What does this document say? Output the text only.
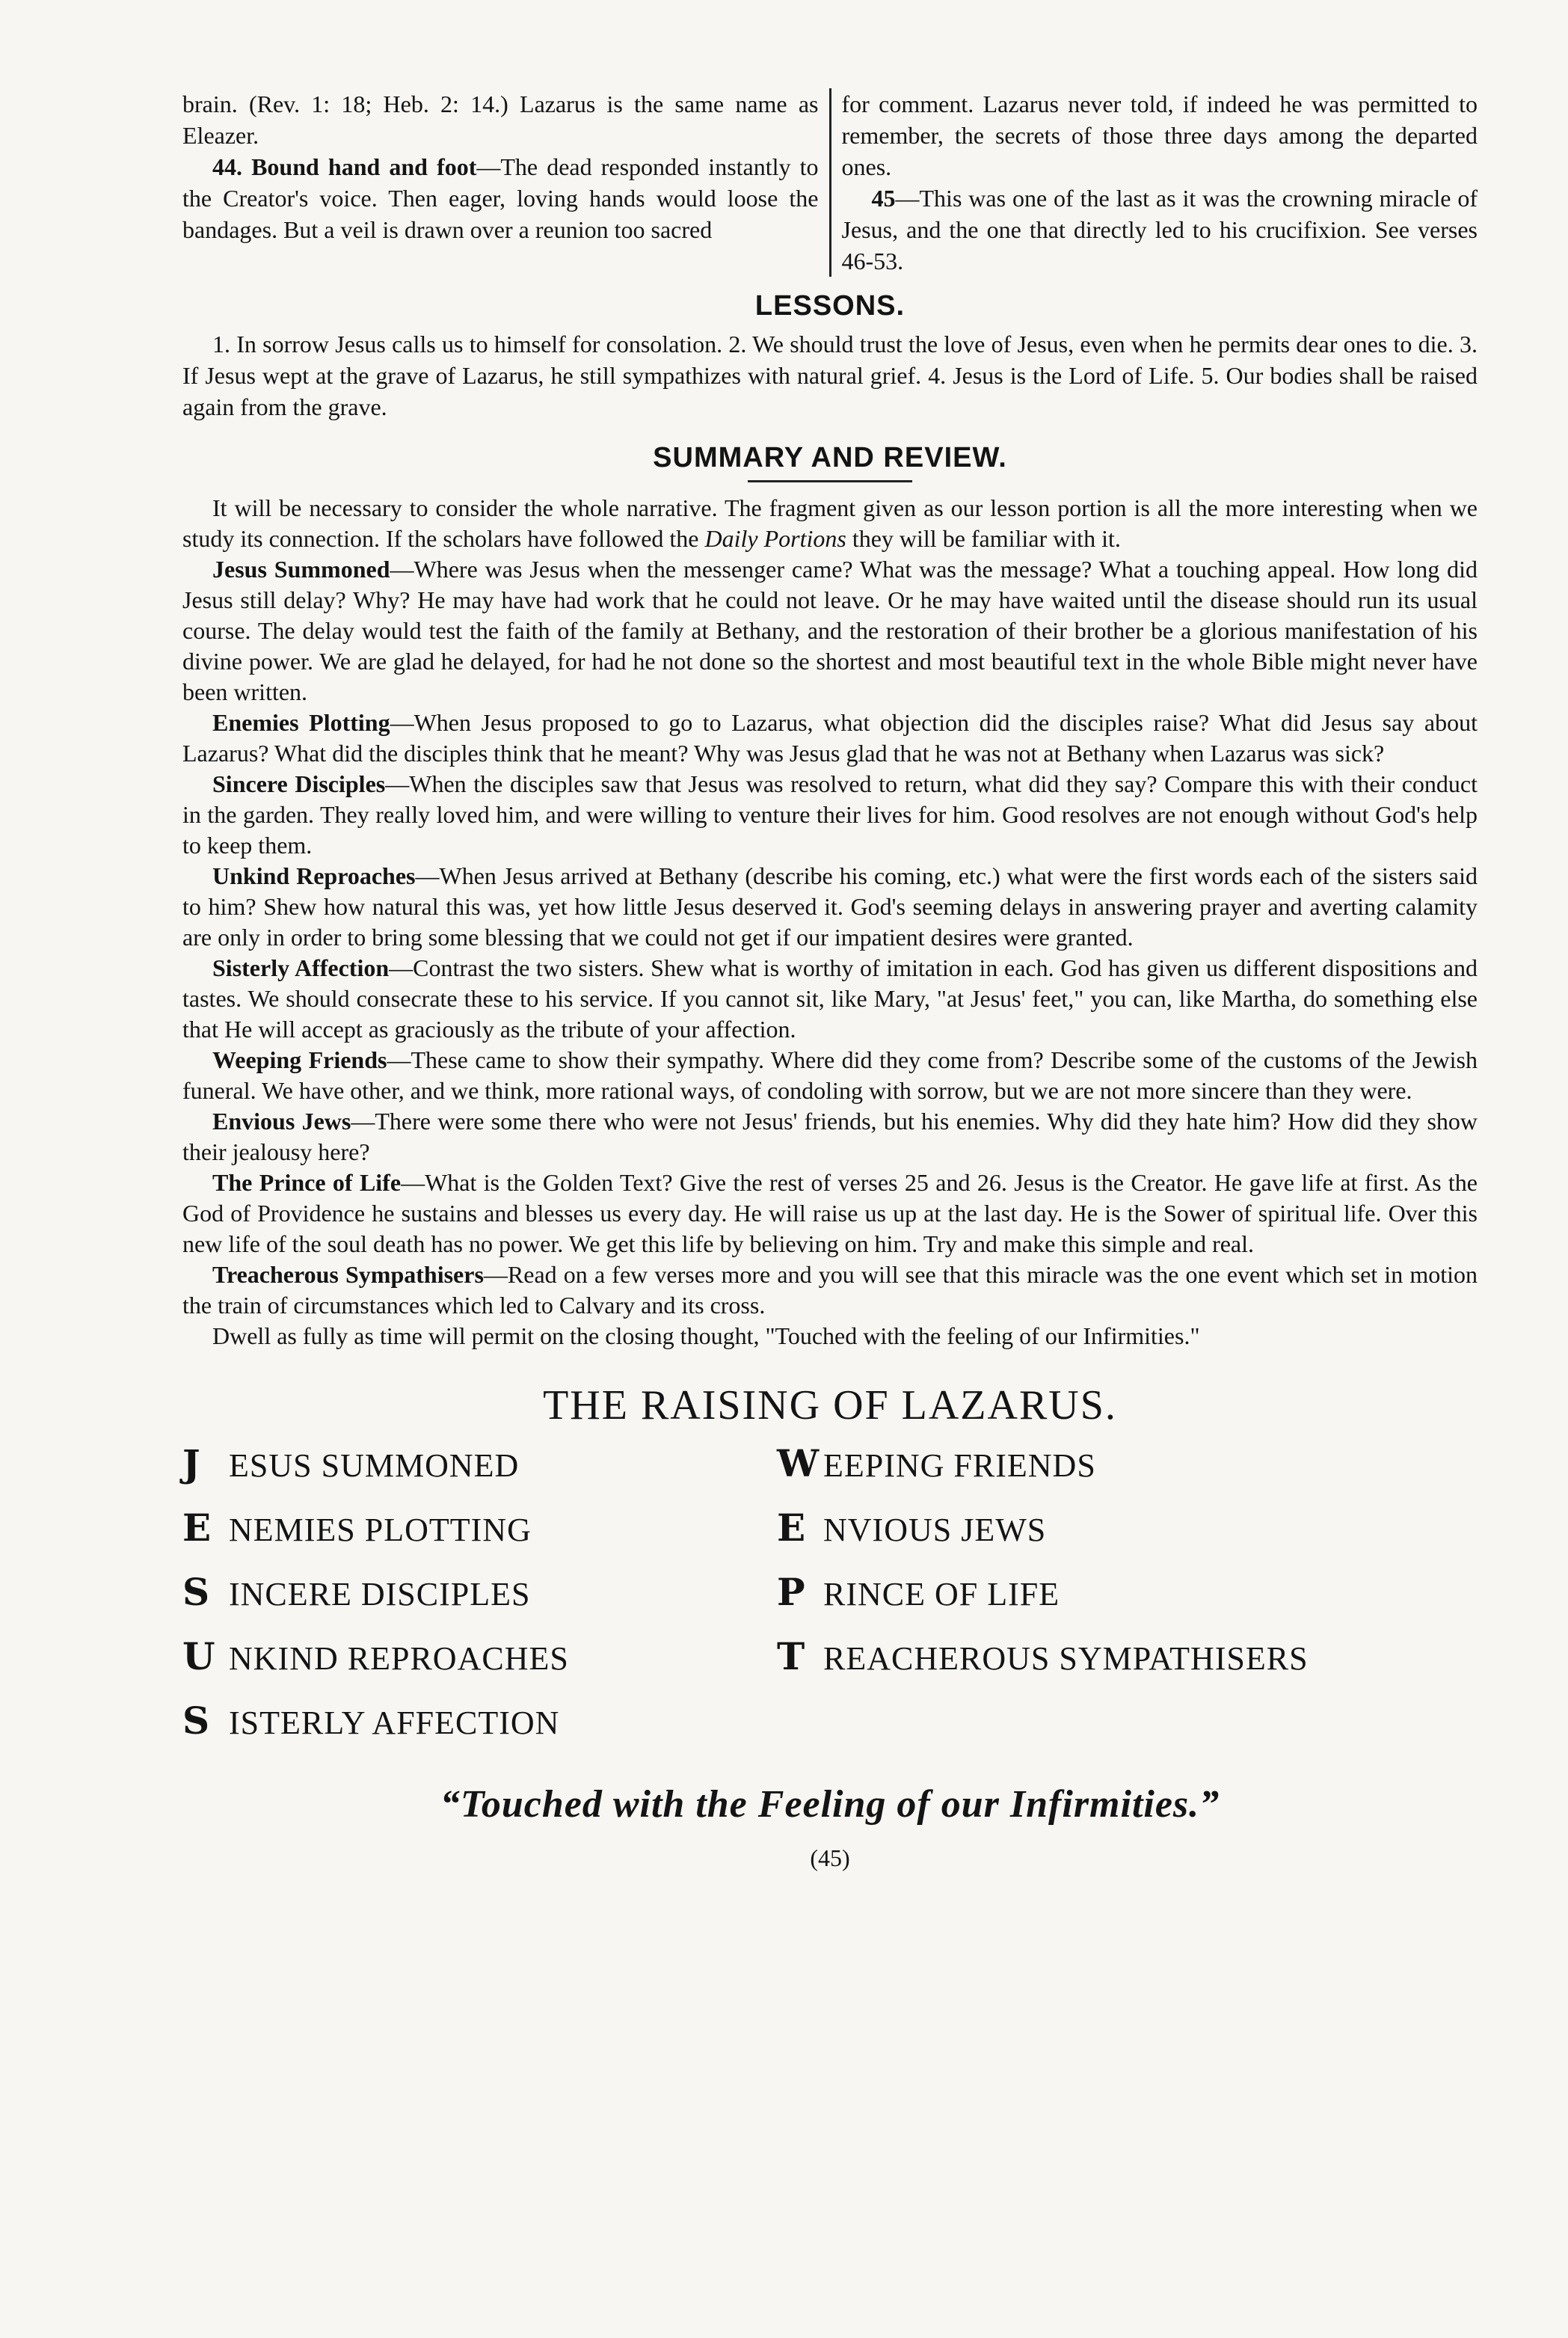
brain. (Rev. 1: 18; Heb. 2: 14.) Lazarus is the same name as Eleazer.

44. Bound hand and foot—The dead responded instantly to the Creator's voice. Then eager, loving hands would loose the bandages. But a veil is drawn over a reunion too sacred

for comment. Lazarus never told, if indeed he was permitted to remember, the secrets of those three days among the departed ones.

45—This was one of the last as it was the crowning miracle of Jesus, and the one that directly led to his crucifixion. See verses 46-53.

LESSONS.

1. In sorrow Jesus calls us to himself for consolation. 2. We should trust the love of Jesus, even when he permits dear ones to die. 3. If Jesus wept at the grave of Lazarus, he still sympathizes with natural grief. 4. Jesus is the Lord of Life. 5. Our bodies shall be raised again from the grave.

SUMMARY AND REVIEW.

It will be necessary to consider the whole narrative. The fragment given as our lesson portion is all the more interesting when we study its connection. If the scholars have followed the Daily Portions they will be familiar with it.

Jesus Summoned—Where was Jesus when the messenger came? What was the message? What a touching appeal. How long did Jesus still delay? Why? He may have had work that he could not leave. Or he may have waited until the disease should run its usual course. The delay would test the faith of the family at Bethany, and the restoration of their brother be a glorious manifestation of his divine power. We are glad he delayed, for had he not done so the shortest and most beautiful text in the whole Bible might never have been written.

Enemies Plotting—When Jesus proposed to go to Lazarus, what objection did the disciples raise? What did Jesus say about Lazarus? What did the disciples think that he meant? Why was Jesus glad that he was not at Bethany when Lazarus was sick?

Sincere Disciples—When the disciples saw that Jesus was resolved to return, what did they say? Compare this with their conduct in the garden. They really loved him, and were willing to venture their lives for him. Good resolves are not enough without God's help to keep them.

Unkind Reproaches—When Jesus arrived at Bethany (describe his coming, etc.) what were the first words each of the sisters said to him? Shew how natural this was, yet how little Jesus deserved it. God's seeming delays in answering prayer and averting calamity are only in order to bring some blessing that we could not get if our impatient desires were granted.

Sisterly Affection—Contrast the two sisters. Shew what is worthy of imitation in each. God has given us different dispositions and tastes. We should consecrate these to his service. If you cannot sit, like Mary, "at Jesus' feet," you can, like Martha, do something else that He will accept as graciously as the tribute of your affection.

Weeping Friends—These came to show their sympathy. Where did they come from? Describe some of the customs of the Jewish funeral. We have other, and we think, more rational ways, of condoling with sorrow, but we are not more sincere than they were.

Envious Jews—There were some there who were not Jesus' friends, but his enemies. Why did they hate him? How did they show their jealousy here?

The Prince of Life—What is the Golden Text? Give the rest of verses 25 and 26. Jesus is the Creator. He gave life at first. As the God of Providence he sustains and blesses us every day. He will raise us up at the last day. He is the Sower of spiritual life. Over this new life of the soul death has no power. We get this life by believing on him. Try and make this simple and real.

Treacherous Sympathisers—Read on a few verses more and you will see that this miracle was the one event which set in motion the train of circumstances which led to Calvary and its cross.

Dwell as fully as time will permit on the closing thought, "Touched with the feeling of our Infirmities."

THE RAISING OF LAZARUS.
J ESUS SUMMONED
E NEMIES PLOTTING
S INCERE DISCIPLES
U NKIND REPROACHES
S ISTERLY AFFECTION
W EEPING FRIENDS
E NVIOUS JEWS
P RINCE OF LIFE
T REACHEROUS SYMPATHISERS
“Touched with the Feeling of our Infirmities.”
(45)
